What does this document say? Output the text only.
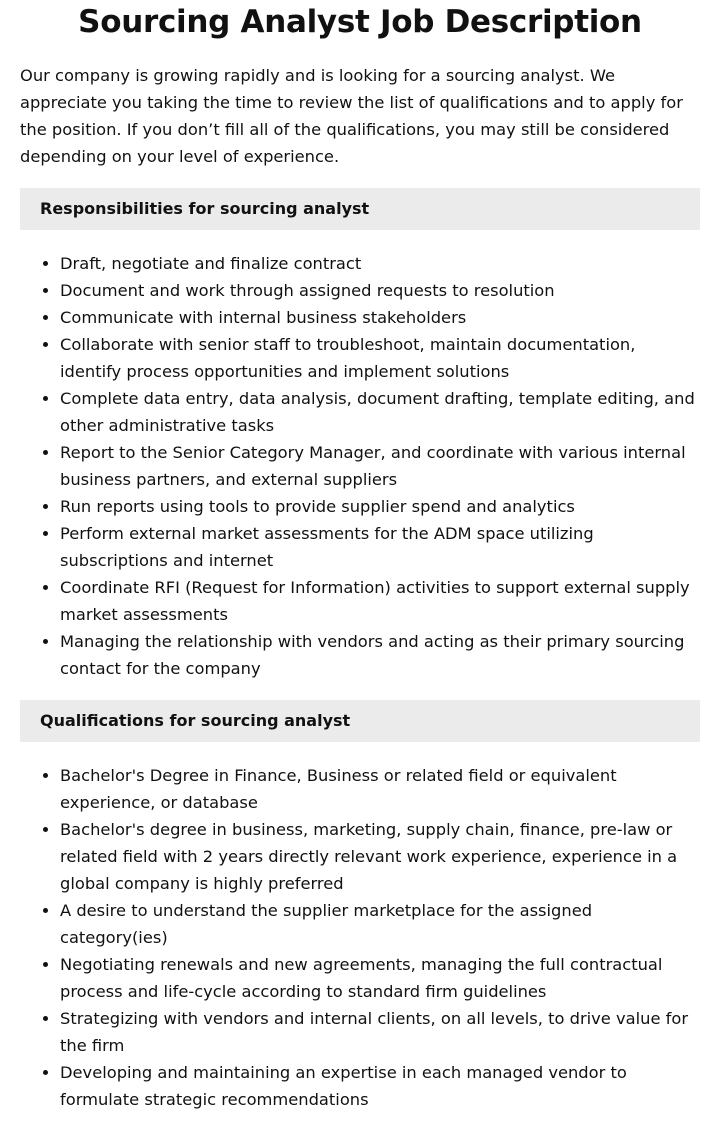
Sourcing Analyst Job Description

Our company is growing rapidly and is looking for a sourcing analyst. We appreciate you taking the time to review the list of qualifications and to apply for the position. If you don’t fill all of the qualifications, you may still be considered depending on your level of experience.

Responsibilities for sourcing analyst
• Draft, negotiate and finalize contract
• Document and work through assigned requests to resolution
• Communicate with internal business stakeholders
• Collaborate with senior staff to troubleshoot, maintain documentation, identify process opportunities and implement solutions
• Complete data entry, data analysis, document drafting, template editing, and other administrative tasks
• Report to the Senior Category Manager, and coordinate with various internal business partners, and external suppliers
• Run reports using tools to provide supplier spend and analytics
• Perform external market assessments for the ADM space utilizing subscriptions and internet
• Coordinate RFI (Request for Information) activities to support external supply market assessments
• Managing the relationship with vendors and acting as their primary sourcing contact for the company
Qualifications for sourcing analyst
• Bachelor's Degree in Finance, Business or related field or equivalent experience, or database
• Bachelor's degree in business, marketing, supply chain, finance, pre-law or related field with 2 years directly relevant work experience, experience in a global company is highly preferred
• A desire to understand the supplier marketplace for the assigned category(ies)
• Negotiating renewals and new agreements, managing the full contractual process and life-cycle according to standard firm guidelines
• Strategizing with vendors and internal clients, on all levels, to drive value for the firm
• Developing and maintaining an expertise in each managed vendor to formulate strategic recommendations
